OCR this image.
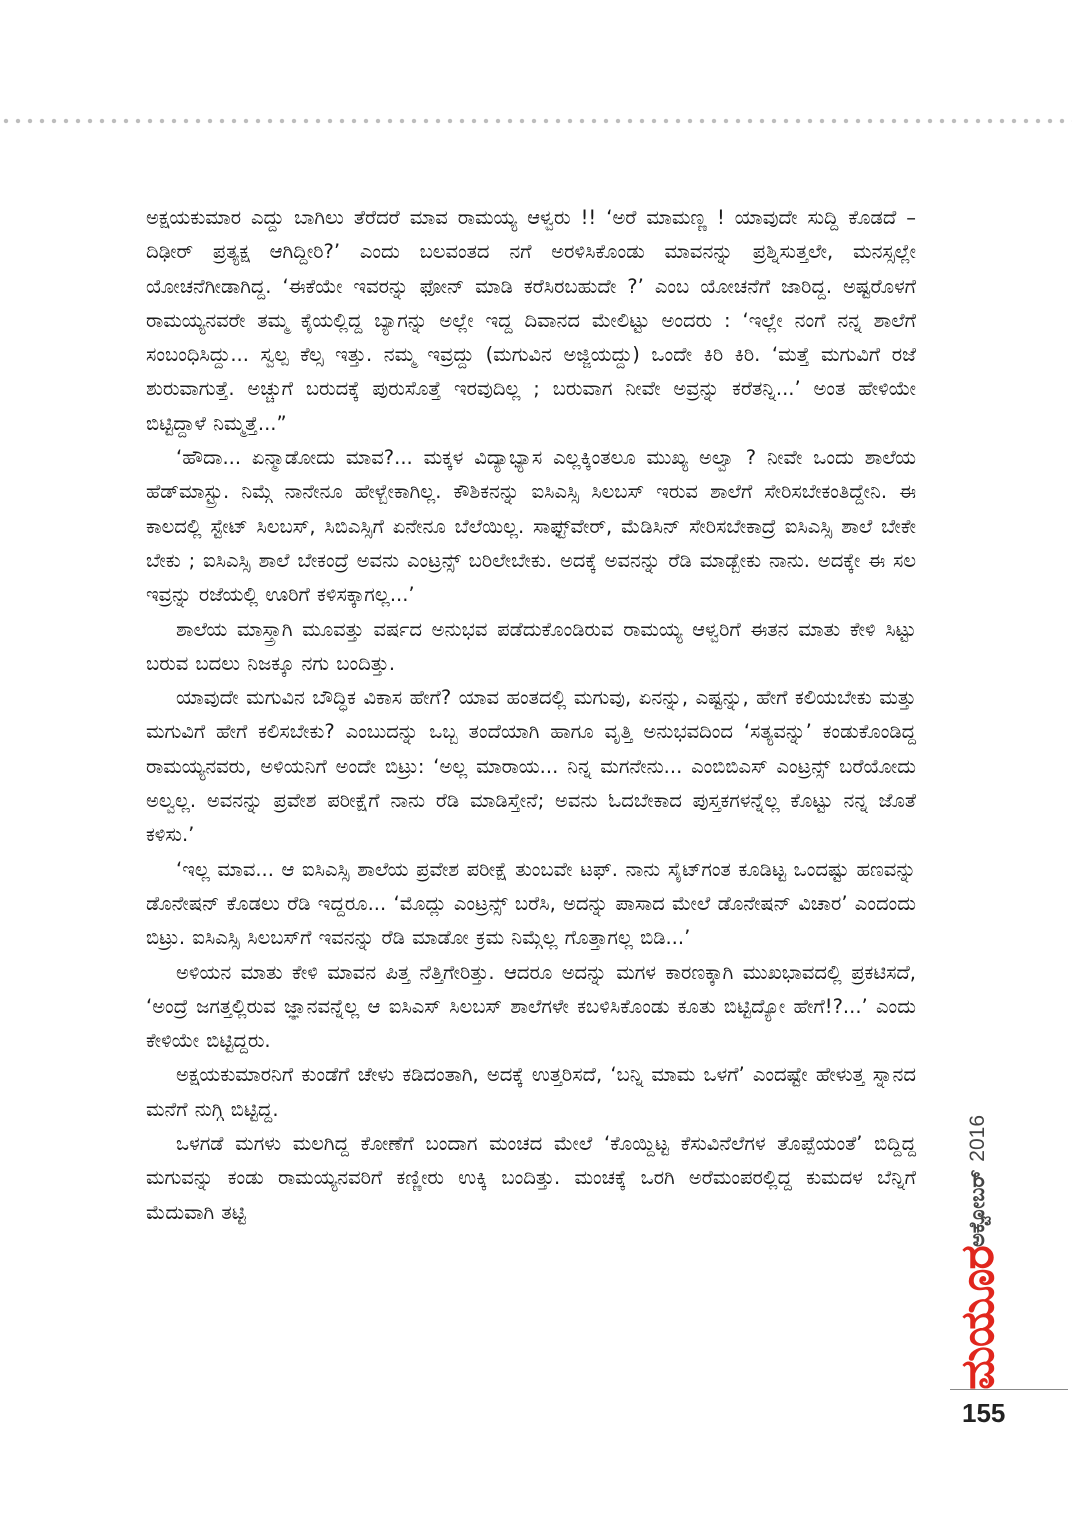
ಅಕ್ಷಯಕುಮಾರ ಎದ್ದು ಬಾಗಿಲು ತೆರೆದರೆ ಮಾವ ರಾಮಯ್ಯ ಆಳ್ವರು !! ‘ಅರೆ ಮಾಮಣ್ಣ ! ಯಾವುದೇ ಸುದ್ದಿ ಕೊಡದೆ – ದಿಢೀರ್ ಪ್ರತ್ಯಕ್ಷ ಆಗಿದ್ದೀರಿ?’ ಎಂದು ಬಲವಂತದ ನಗೆ ಅರಳಿಸಿಕೊಂಡು ಮಾವನನ್ನು ಪ್ರಶ್ನಿಸುತ್ತಲೇ, ಮನಸ್ಸಲ್ಲೇ ಯೋಚನೆಗೀಡಾಗಿದ್ದ. ‘ಈಕೆಯೇ ಇವರನ್ನು ಫೋನ್ ಮಾಡಿ ಕರೆಸಿರಬಹುದೇ ?’ ಎಂಬ ಯೋಚನೆಗೆ ಜಾರಿದ್ದ. ಅಷ್ಟರೊಳಗೆ ರಾಮಯ್ಯನವರೇ ತಮ್ಮ ಕೈಯಲ್ಲಿದ್ದ ಬ್ಯಾಗನ್ನು ಅಲ್ಲೇ ಇದ್ದ ದಿವಾನದ ಮೇಲಿಟ್ಟು ಅಂದರು : ‘ಇಲ್ಲೇ ನಂಗೆ ನನ್ನ ಶಾಲೆಗೆ ಸಂಬಂಧಿಸಿದ್ದು... ಸ್ವಲ್ಪ ಕೆಲ್ಸ ಇತ್ತು. ನಮ್ಮ ಇವ್ರದ್ದು (ಮಗುವಿನ ಅಜ್ಜಿಯದ್ದು) ಒಂದೇ ಕಿರಿ ಕಿರಿ. ‘ಮತ್ತೆ ಮಗುವಿಗೆ ರಜೆ ಶುರುವಾಗುತ್ತೆ. ಅಚ್ಚುಗೆ ಬರುದಕ್ಕೆ ಪುರುಸೊತ್ತೆ ಇರವುದಿಲ್ಲ ; ಬರುವಾಗ ನೀವೇ ಅವ್ರನ್ನು ಕರೆತನ್ನಿ...’ ಅಂತ ಹೇಳಿಯೇ ಬಿಟ್ಟಿದ್ದಾಳೆ ನಿಮ್ಮತ್ತೆ...”

‘ಹೌದಾ... ಏನ್ಮಾಡೋದು ಮಾವ?... ಮಕ್ಕಳ ವಿದ್ಯಾಭ್ಯಾಸ ಎಲ್ಲಕ್ಕಿಂತಲೂ ಮುಖ್ಯ ಅಲ್ವಾ ? ನೀವೇ ಒಂದು ಶಾಲೆಯ ಹೆಡ್‌ಮಾಸ್ಟ್ರು. ನಿಮ್ಗೆ ನಾನೇನೂ ಹೇಳ್ಬೇಕಾಗಿಲ್ಲ. ಕೌಶಿಕನನ್ನು ಐಸಿಎಸ್ಸಿ ಸಿಲಬಸ್ ಇರುವ ಶಾಲೆಗೆ ಸೇರಿಸಬೇಕಂತಿದ್ದೇನಿ. ಈ ಕಾಲದಲ್ಲಿ ಸ್ಟೇಟ್ ಸಿಲಬಸ್, ಸಿಬಿಎಸ್ಸಿಗೆ ಏನೇನೂ ಬೆಲೆಯಿಲ್ಲ. ಸಾಫ್ಟ್‌ವೇರ್, ಮೆಡಿಸಿನ್ ಸೇರಿಸಬೇಕಾದ್ರೆ ಐಸಿಎಸ್ಸಿ ಶಾಲೆ ಬೇಕೇ ಬೇಕು ; ಐಸಿಎಸ್ಸಿ ಶಾಲೆ ಬೇಕಂದ್ರೆ ಅವನು ಎಂಟ್ರನ್ಸ್ ಬರಿಲೇಬೇಕು. ಅದಕ್ಕೆ ಅವನನ್ನು ರೆಡಿ ಮಾಡ್ಬೇಕು ನಾನು. ಅದಕ್ಕೇ ಈ ಸಲ ಇವ್ರನ್ನು ರಜೆಯಲ್ಲಿ ಊರಿಗೆ ಕಳಿಸಕ್ಕಾಗಲ್ಲ...’

ಶಾಲೆಯ ಮಾಸ್ತ್ರಾಗಿ ಮೂವತ್ತು ವರ್ಷದ ಅನುಭವ ಪಡೆದುಕೊಂಡಿರುವ ರಾಮಯ್ಯ ಆಳ್ವರಿಗೆ ಈತನ ಮಾತು ಕೇಳಿ ಸಿಟ್ಟು ಬರುವ ಬದಲು ನಿಜಕ್ಕೂ ನಗು ಬಂದಿತ್ತು.

ಯಾವುದೇ ಮಗುವಿನ ಬೌದ್ಧಿಕ ವಿಕಾಸ ಹೇಗೆ? ಯಾವ ಹಂತದಲ್ಲಿ ಮಗುವು, ಏನನ್ನು, ಎಷ್ಟನ್ನು, ಹೇಗೆ ಕಲಿಯಬೇಕು ಮತ್ತು ಮಗುವಿಗೆ ಹೇಗೆ ಕಲಿಸಬೇಕು? ಎಂಬುದನ್ನು ಒಬ್ಬ ತಂದೆಯಾಗಿ ಹಾಗೂ ವೃತ್ತಿ ಅನುಭವದಿಂದ ‘ಸತ್ಯವನ್ನು’ ಕಂಡುಕೊಂಡಿದ್ದ ರಾಮಯ್ಯನವರು, ಅಳಿಯನಿಗೆ ಅಂದೇ ಬಿಟ್ರು: ‘ಅಲ್ಲ ಮಾರಾಯ... ನಿನ್ನ ಮಗನೇನು... ಎಂಬಿಬಿಎಸ್ ಎಂಟ್ರನ್ಸ್ ಬರೆಯೋದು ಅಲ್ವಲ್ಲ. ಅವನನ್ನು ಪ್ರವೇಶ ಪರೀಕ್ಷೆಗೆ ನಾನು ರೆಡಿ ಮಾಡಿಸ್ತೇನೆ; ಅವನು ಓದಬೇಕಾದ ಪುಸ್ತಕಗಳನ್ನೆಲ್ಲ ಕೊಟ್ಟು ನನ್ನ ಜೊತೆ ಕಳಿಸು.’

‘ಇಲ್ಲ ಮಾವ... ಆ ಐಸಿಎಸ್ಸಿ ಶಾಲೆಯ ಪ್ರವೇಶ ಪರೀಕ್ಷೆ ತುಂಬವೇ ಟಫ್. ನಾನು ಸೈಟ್‌ಗಂತ ಕೂಡಿಟ್ಟ ಒಂದಷ್ಟು ಹಣವನ್ನು ಡೊನೇಷನ್ ಕೊಡಲು ರೆಡಿ ಇದ್ದರೂ... ‘ಮೊದ್ಲು ಎಂಟ್ರನ್ಸ್ ಬರೆಸಿ, ಅದನ್ನು ಪಾಸಾದ ಮೇಲೆ ಡೊನೇಷನ್ ವಿಚಾರ’ ಎಂದಂದು ಬಿಟ್ರು. ಐಸಿಎಸ್ಸಿ ಸಿಲಬಸ್‌ಗೆ ಇವನನ್ನು ರೆಡಿ ಮಾಡೋ ಕ್ರಮ ನಿಮ್ಗೆಲ್ಲ ಗೊತ್ತಾಗಲ್ಲ ಬಿಡಿ...’

ಅಳಿಯನ ಮಾತು ಕೇಳಿ ಮಾವನ ಪಿತ್ತ ನೆತ್ತಿಗೇರಿತ್ತು. ಆದರೂ ಅದನ್ನು ಮಗಳ ಕಾರಣಕ್ಕಾಗಿ ಮುಖಭಾವದಲ್ಲಿ ಪ್ರಕಟಿಸದೆ, ‘ಅಂದ್ರೆ ಜಗತ್ತಲ್ಲಿರುವ ಜ್ಞಾನವನ್ನೆಲ್ಲ ಆ ಐಸಿಎಸ್ ಸಿಲಬಸ್ ಶಾಲೆಗಳೇ ಕಬಳಿಸಿಕೊಂಡು ಕೂತು ಬಿಟ್ಟಿದ್ಯೋ ಹೇಗೆ!?...’ ಎಂದು ಕೇಳಿಯೇ ಬಿಟ್ಟಿದ್ದರು.

ಅಕ್ಷಯಕುಮಾರನಿಗೆ ಕುಂಡೆಗೆ ಚೇಳು ಕಡಿದಂತಾಗಿ, ಅದಕ್ಕೆ ಉತ್ತರಿಸದೆ, ‘ಬನ್ನಿ ಮಾಮ ಒಳಗೆ’ ಎಂದಷ್ಟೇ ಹೇಳುತ್ತ ಸ್ನಾನದ ಮನೆಗೆ ನುಗ್ಗಿ ಬಿಟ್ಟಿದ್ದ.

ಒಳಗಡೆ ಮಗಳು ಮಲಗಿದ್ದ ಕೋಣೆಗೆ ಬಂದಾಗ ಮಂಚದ ಮೇಲೆ ‘ಕೊಯ್ದಿಟ್ಟ ಕೆಸುವಿನೆಲೆಗಳ ತೊಪ್ಪೆಯಂತೆ’ ಬಿದ್ದಿದ್ದ ಮಗುವನ್ನು ಕಂಡು ರಾಮಯ್ಯನವರಿಗೆ ಕಣ್ಣೀರು ಉಕ್ಕಿ ಬಂದಿತ್ತು. ಮಂಚಕ್ಕೆ ಒರಗಿ ಅರೆಮಂಪರಲ್ಲಿದ್ದ ಕುಮದಳ ಬೆನ್ನಿಗೆ ಮೆದುವಾಗಿ ತಟ್ಟಿ	ಅಕ್ಟೋಬರ್
2016
ಮಯೂರ
155
